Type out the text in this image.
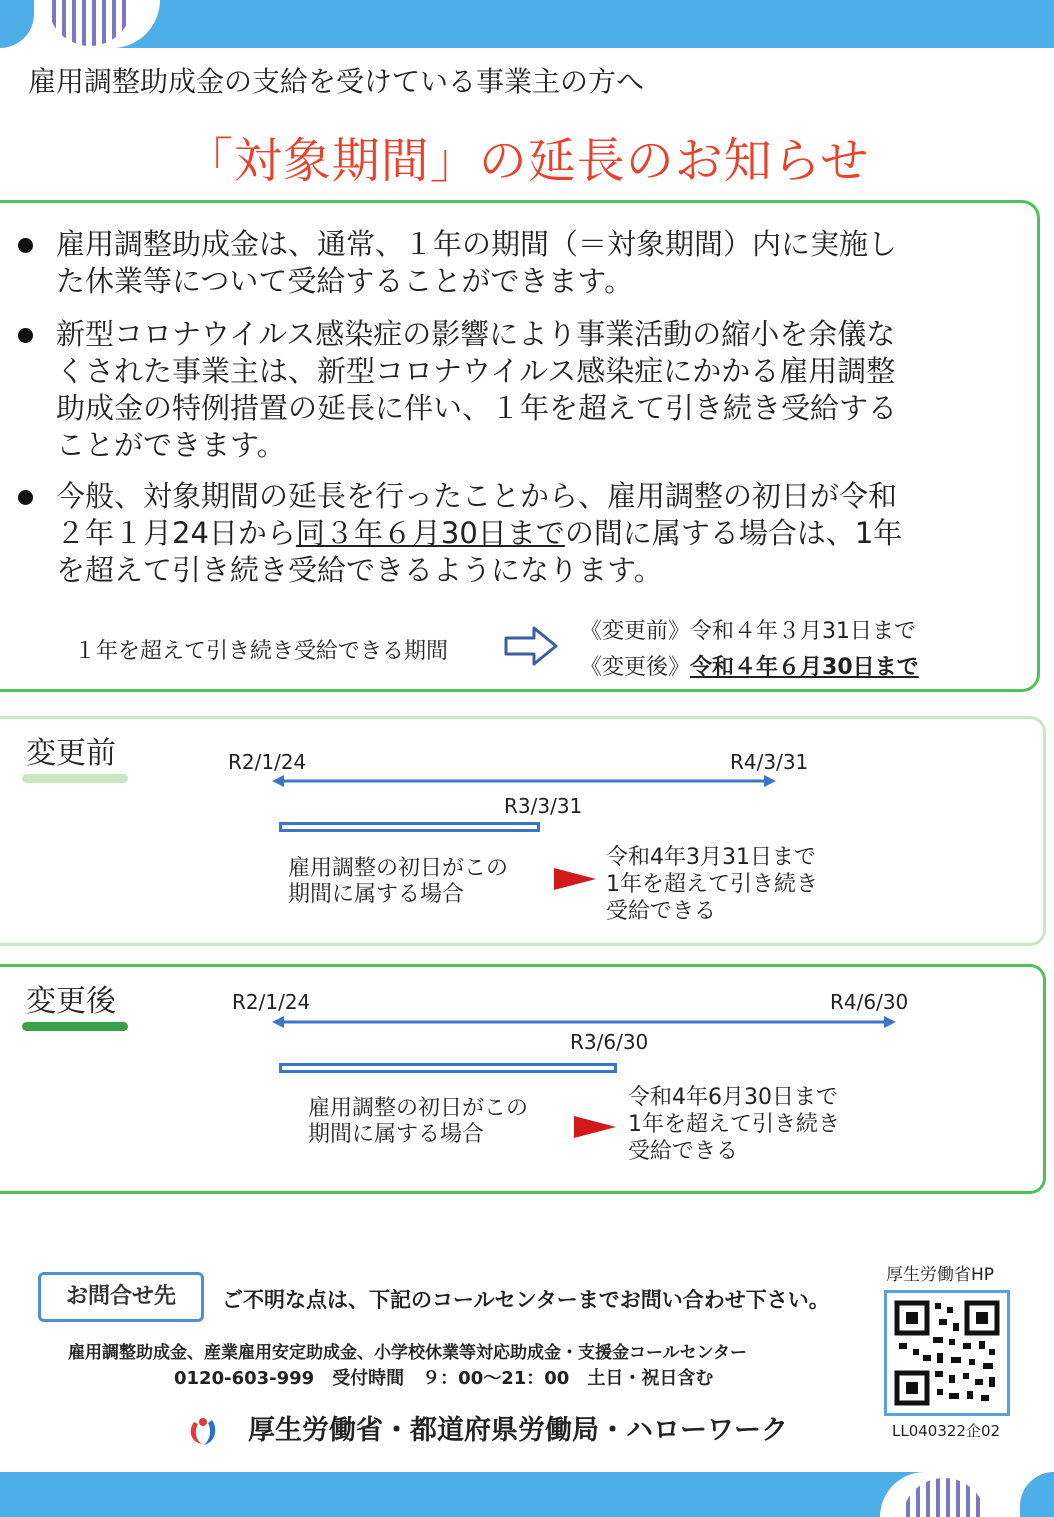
雇用調整助成金の支給を受けている事業主の方へ
「対象期間」の延長のお知らせ
雇用調整助成金は、通常、１年の期間（＝対象期間）内に実施し
た休業等について受給することができます。
新型コロナウイルス感染症の影響により事業活動の縮小を余儀な
くされた事業主は、新型コロナウイルス感染症にかかる雇用調整
助成金の特例措置の延長に伴い、１年を超えて引き続き受給する
ことができます。
今般、対象期間の延長を行ったことから、雇用調整の初日が令和
２年１月24日から同３年６月30日までの間に属する場合は、1年
を超えて引き続き受給できるようになります。
１年を超えて引き続き受給できる期間
《変更前》令和４年３月31日まで
《変更後》令和４年６月30日まで
変更前	R2/1/24	R4/3/31
R3/3/31
雇用調整の初日がこの
期間に属する場合
令和4年3月31日まで
1年を超えて引き続き
受給できる
変更後	R2/1/24	R4/6/30
R3/6/30
雇用調整の初日がこの
期間に属する場合
令和4年6月30日まで
1年を超えて引き続き
受給できる
お問合せ先	ご不明な点は、下記のコールセンターまでお問い合わせ下さい。
雇用調整助成金、産業雇用安定助成金、小学校休業等対応助成金・支援金コールセンター
0120-603-999　受付時間　９：00～21：00　土日・祝日含む
厚生労働省・都道府県労働局・ハローワーク
厚生労働省HP
LL040322企02
